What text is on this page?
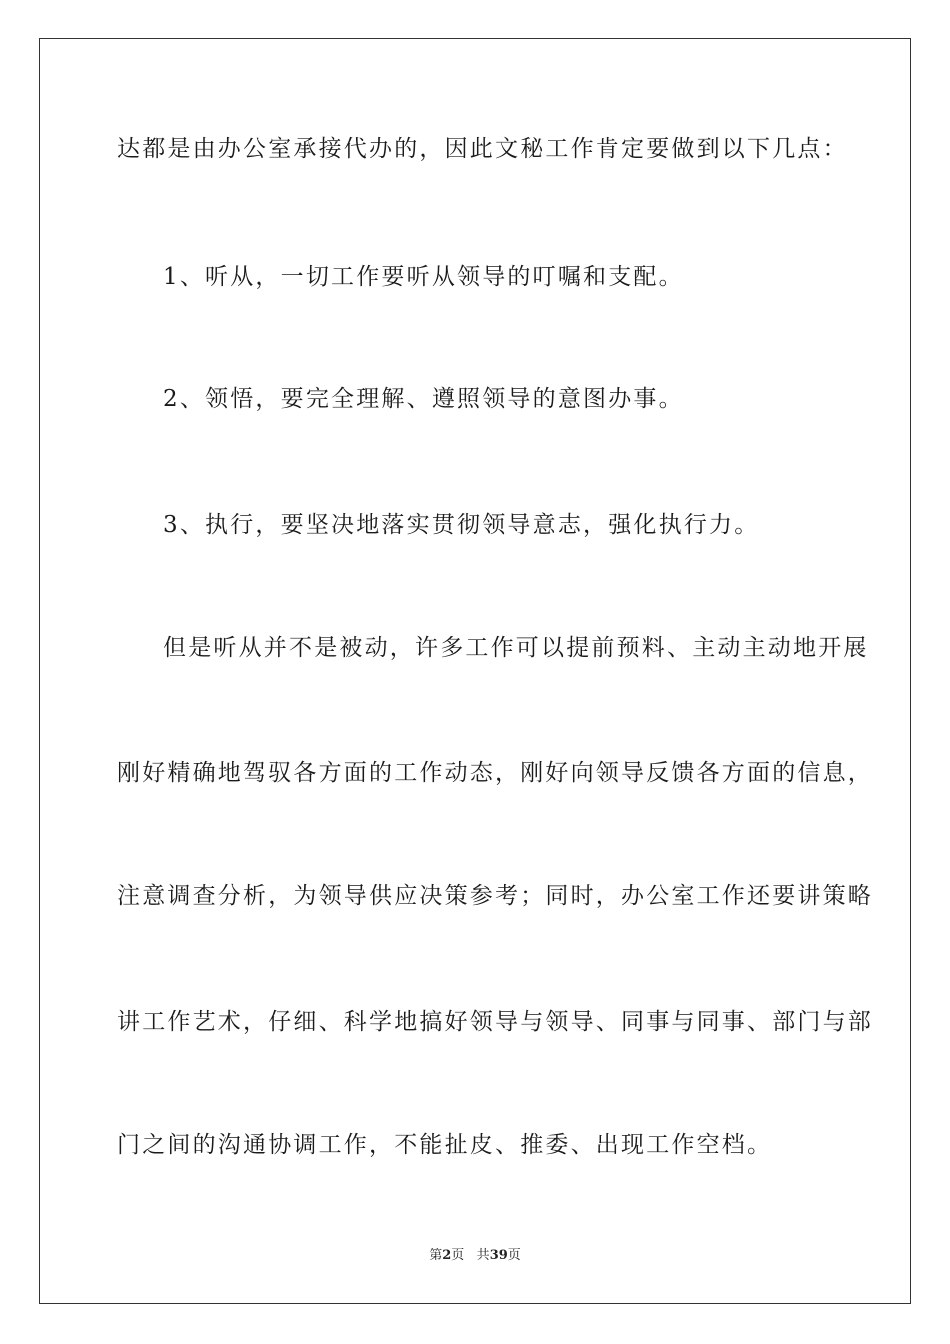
达都是由办公室承接代办的，因此文秘工作肯定要做到以下几点：

1、听从，一切工作要听从领导的叮嘱和支配。

2、领悟，要完全理解、遵照领导的意图办事。

3、执行，要坚决地落实贯彻领导意志，强化执行力。

但是听从并不是被动，许多工作可以提前预料、主动主动地开展

刚好精确地驾驭各方面的工作动态，刚好向领导反馈各方面的信息，

注意调查分析，为领导供应决策参考；同时，办公室工作还要讲策略

讲工作艺术，仔细、科学地搞好领导与领导、同事与同事、部门与部

门之间的沟通协调工作，不能扯皮、推委、出现工作空档。

第2页 共39页
